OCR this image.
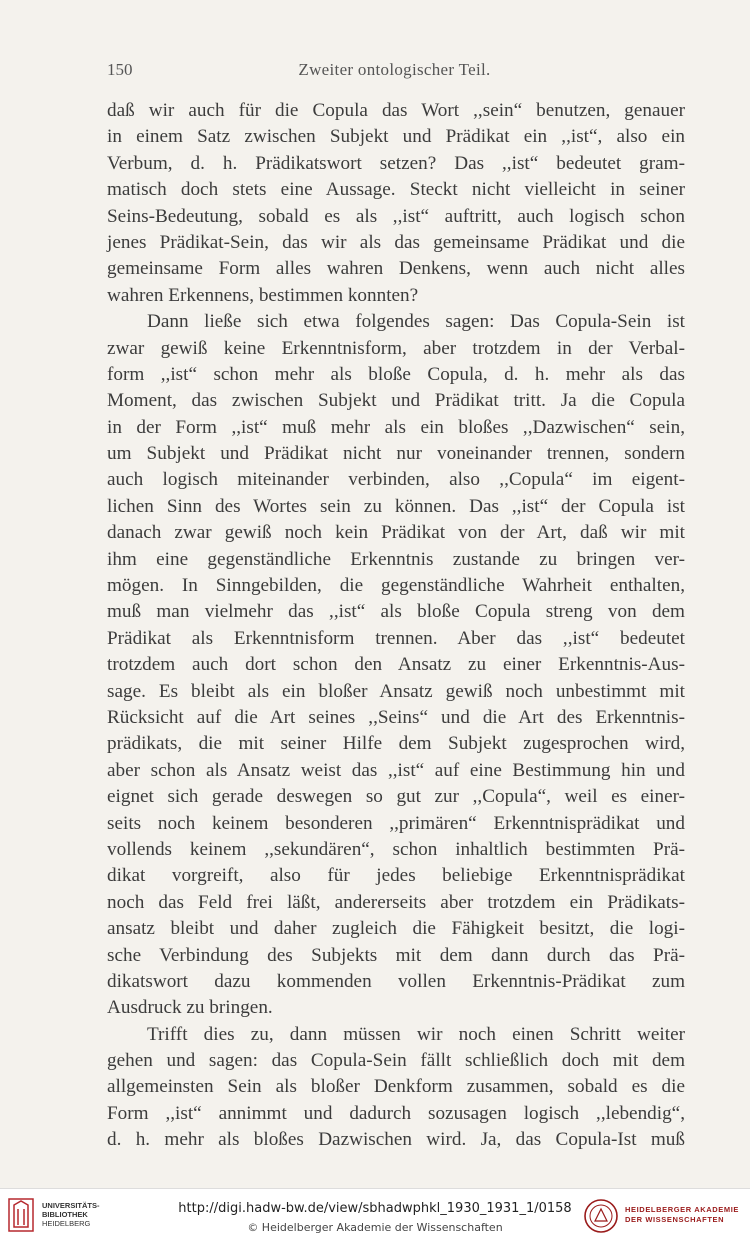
150	Zweiter ontologischer Teil.
daß wir auch für die Copula das Wort ,,sein“ benutzen, genauer
in einem Satz zwischen Subjekt und Prädikat ein ,,ist“, also ein
Verbum, d. h. Prädikatswort setzen? Das ,,ist“ bedeutet gram-
matisch doch stets eine Aussage. Steckt nicht vielleicht in seiner
Seins-Bedeutung, sobald es als ,,ist“ auftritt, auch logisch schon
jenes Prädikat-Sein, das wir als das gemeinsame Prädikat und die
gemeinsame Form alles wahren Denkens, wenn auch nicht alles
wahren Erkennens, bestimmen konnten?
Dann ließe sich etwa folgendes sagen: Das Copula-Sein ist
zwar gewiß keine Erkenntnisform, aber trotzdem in der Verbal-
form ,,ist“ schon mehr als bloße Copula, d. h. mehr als das
Moment, das zwischen Subjekt und Prädikat tritt. Ja die Copula
in der Form ,,ist“ muß mehr als ein bloßes ,,Dazwischen“ sein,
um Subjekt und Prädikat nicht nur voneinander trennen, sondern
auch logisch miteinander verbinden, also ,,Copula“ im eigent-
lichen Sinn des Wortes sein zu können. Das ,,ist“ der Copula ist
danach zwar gewiß noch kein Prädikat von der Art, daß wir mit
ihm eine gegenständliche Erkenntnis zustande zu bringen ver-
mögen. In Sinngebilden, die gegenständliche Wahrheit enthalten,
muß man vielmehr das ,,ist“ als bloße Copula streng von dem
Prädikat als Erkenntnisform trennen. Aber das ,,ist“ bedeutet
trotzdem auch dort schon den Ansatz zu einer Erkenntnis-Aus-
sage. Es bleibt als ein bloßer Ansatz gewiß noch unbestimmt mit
Rücksicht auf die Art seines ,,Seins“ und die Art des Erkenntnis-
prädikats, die mit seiner Hilfe dem Subjekt zugesprochen wird,
aber schon als Ansatz weist das ,,ist“ auf eine Bestimmung hin und
eignet sich gerade deswegen so gut zur ,,Copula“, weil es einer-
seits noch keinem besonderen ,,primären“ Erkenntnisprädikat und
vollends keinem ,,sekundären“, schon inhaltlich bestimmten Prä-
dikat vorgreift, also für jedes beliebige Erkenntnisprädikat
noch das Feld frei läßt, andererseits aber trotzdem ein Prädikats-
ansatz bleibt und daher zugleich die Fähigkeit besitzt, die logi-
sche Verbindung des Subjekts mit dem dann durch das Prä-
dikatswort dazu kommenden vollen Erkenntnis-Prädikat zum
Ausdruck zu bringen.
Trifft dies zu, dann müssen wir noch einen Schritt weiter
gehen und sagen: das Copula-Sein fällt schließlich doch mit dem
allgemeinsten Sein als bloßer Denkform zusammen, sobald es die
Form ,,ist“ annimmt und dadurch sozusagen logisch ,,lebendig“,
d. h. mehr als bloßes Dazwischen wird. Ja, das Copula-Ist muß
UNIVERSITÄTS-
BIBLIOTHEK
HEIDELBERG
http://digi.hadw-bw.de/view/sbhadwphkl_1930_1931_1/0158
© Heidelberger Akademie der Wissenschaften
HEIDELBERGER AKADEMIE
DER WISSENSCHAFTEN
